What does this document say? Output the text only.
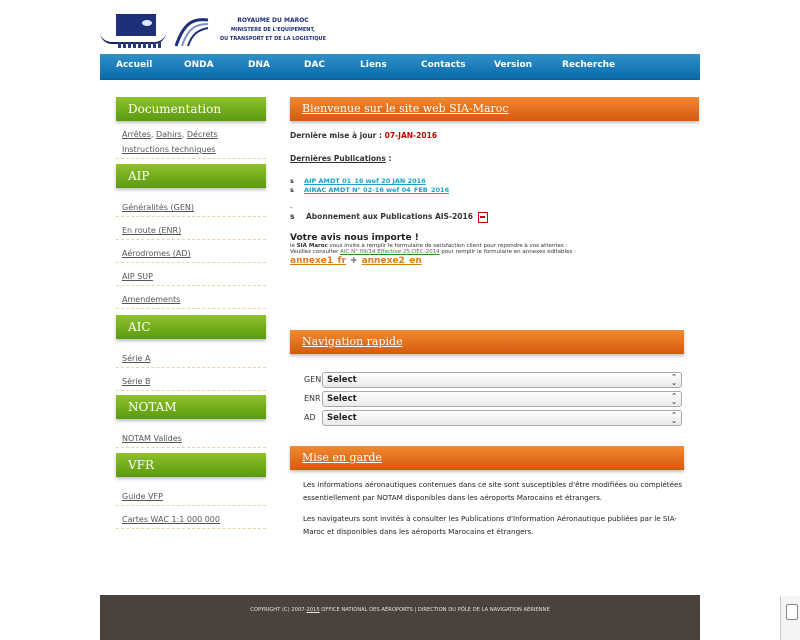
ROYAUME DU MAROC
MINISTERE DE L'EQUIPEMENT,
DU TRANSPORT ET DE LA LOGISTIQUE
Accueil	ONDA	DNA	DAC	Liens	Contacts	Version	Recherche
Documentation
Arrêtes, Dahirs, Décrets
Instructions techniques
AIP
Généralités (GEN)
En route (ENR)
Aérodromes (AD)
AIP SUP
Amendements
AIC
Série A
Série B
NOTAM
NOTAM Valides
VFR
Guide VFP
Cartes WAC 1:1 000 000
Bienvenue sur le site web SIA-Maroc
Dernière mise à jour : 07-JAN-2016
Dernières Publications :
s AIP AMDT 01_16 wef 20 JAN 2016
s AIRAC AMDT N° 02-16 wef 04_FEB_2016
-
s Abonnement aux Publications AIS-2016
Votre avis nous importe !
le SIA Maroc vous invite à remplir le formulaire de satisfaction client pour répondre à vos attentes :
Veuillez consulter AIC N° 09/14 Effective 25-DEC-2014 pour remplir le formulaire en annexes éditables :
annexe1_fr + annexe2_en
Navigation rapide
GEN Select	⌃
⌄
ENR Select	⌃
⌄
AD	Select	⌃
⌄
Mise en garde

Les informations aéronautiques contenues dans ce site sont susceptibles d'être modifiées ou complétées essentiellement par NOTAM disponibles dans les aéroports Marocains et étrangers.

Les navigateurs sont invités à consulter les Publications d'Information Aéronautique publiées par le SIA-Maroc et disponibles dans les aéroports Marocains et étrangers.

COPYRIGHT (C) 2007-2015 OFFICE NATIONAL DES AÉROPORTS | DIRECTION DU PÔLE DE LA NAVIGATION AÉRIENNE
